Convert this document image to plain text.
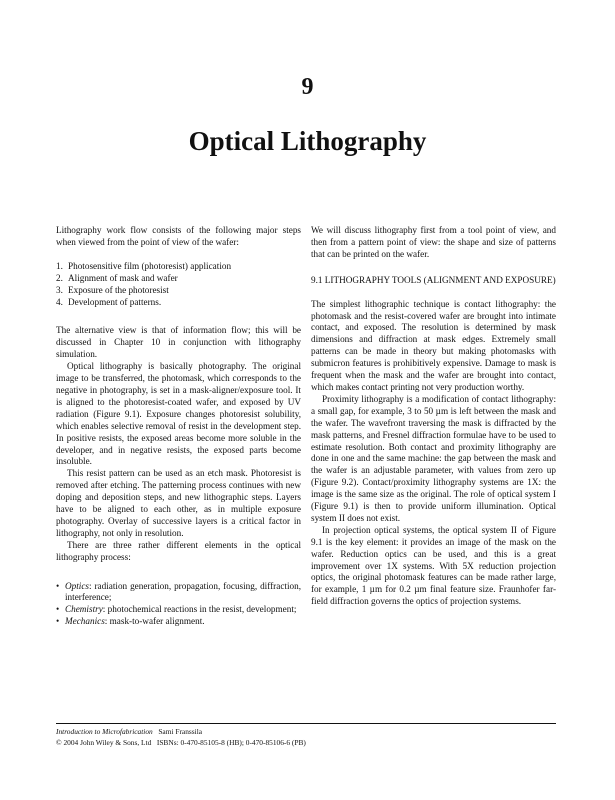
9
Optical Lithography

Lithography work flow consists of the following major steps when viewed from the point of view of the wafer:

1. Photosensitive film (photoresist) application
2. Alignment of mask and wafer
3. Exposure of the photoresist
4. Development of patterns.

The alternative view is that of information flow; this will be discussed in Chapter 10 in conjunction with lithography simulation.

Optical lithography is basically photography. The original image to be transferred, the photomask, which corresponds to the negative in photography, is set in a mask-aligner/exposure tool. It is aligned to the photoresist-coated wafer, and exposed by UV radiation (Figure 9.1). Exposure changes photoresist solubility, which enables selective removal of resist in the development step. In positive resists, the exposed areas become more soluble in the developer, and in negative resists, the exposed parts become insoluble.

This resist pattern can be used as an etch mask. Photoresist is removed after etching. The patterning process continues with new doping and deposition steps, and new lithographic steps. Layers have to be aligned to each other, as in multiple exposure photography. Overlay of successive layers is a critical factor in lithography, not only in resolution.

There are three rather different elements in the optical lithography process:

• Optics: radiation generation, propagation, focusing, diffraction, interference;
• Chemistry: photochemical reactions in the resist, development;
• Mechanics: mask-to-wafer alignment.

We will discuss lithography first from a tool point of view, and then from a pattern point of view: the shape and size of patterns that can be printed on the wafer.

9.1 LITHOGRAPHY TOOLS (ALIGNMENT AND EXPOSURE)

The simplest lithographic technique is contact lithography: the photomask and the resist-covered wafer are brought into intimate contact, and exposed. The resolution is determined by mask dimensions and diffraction at mask edges. Extremely small patterns can be made in theory but making photomasks with submicron features is prohibitively expensive. Damage to mask is frequent when the mask and the wafer are brought into contact, which makes contact printing not very production worthy.

Proximity lithography is a modification of contact lithography: a small gap, for example, 3 to 50 µm is left between the mask and the wafer. The wavefront traversing the mask is diffracted by the mask patterns, and Fresnel diffraction formulae have to be used to estimate resolution. Both contact and proximity lithography are done in one and the same machine: the gap between the mask and the wafer is an adjustable parameter, with values from zero up (Figure 9.2). Contact/proximity lithography systems are 1X: the image is the same size as the original. The role of optical system I (Figure 9.1) is then to provide uniform illumination. Optical system II does not exist.

In projection optical systems, the optical system II of Figure 9.1 is the key element: it provides an image of the mask on the wafer. Reduction optics can be used, and this is a great improvement over 1X systems. With 5X reduction projection optics, the original photomask features can be made rather large, for example, 1 µm for 0.2 µm final feature size. Fraunhofer far-field diffraction governs the optics of projection systems.

Introduction to Microfabrication Sami Franssila
© 2004 John Wiley & Sons, Ltd ISBNs: 0-470-85105-8 (HB); 0-470-85106-6 (PB)
